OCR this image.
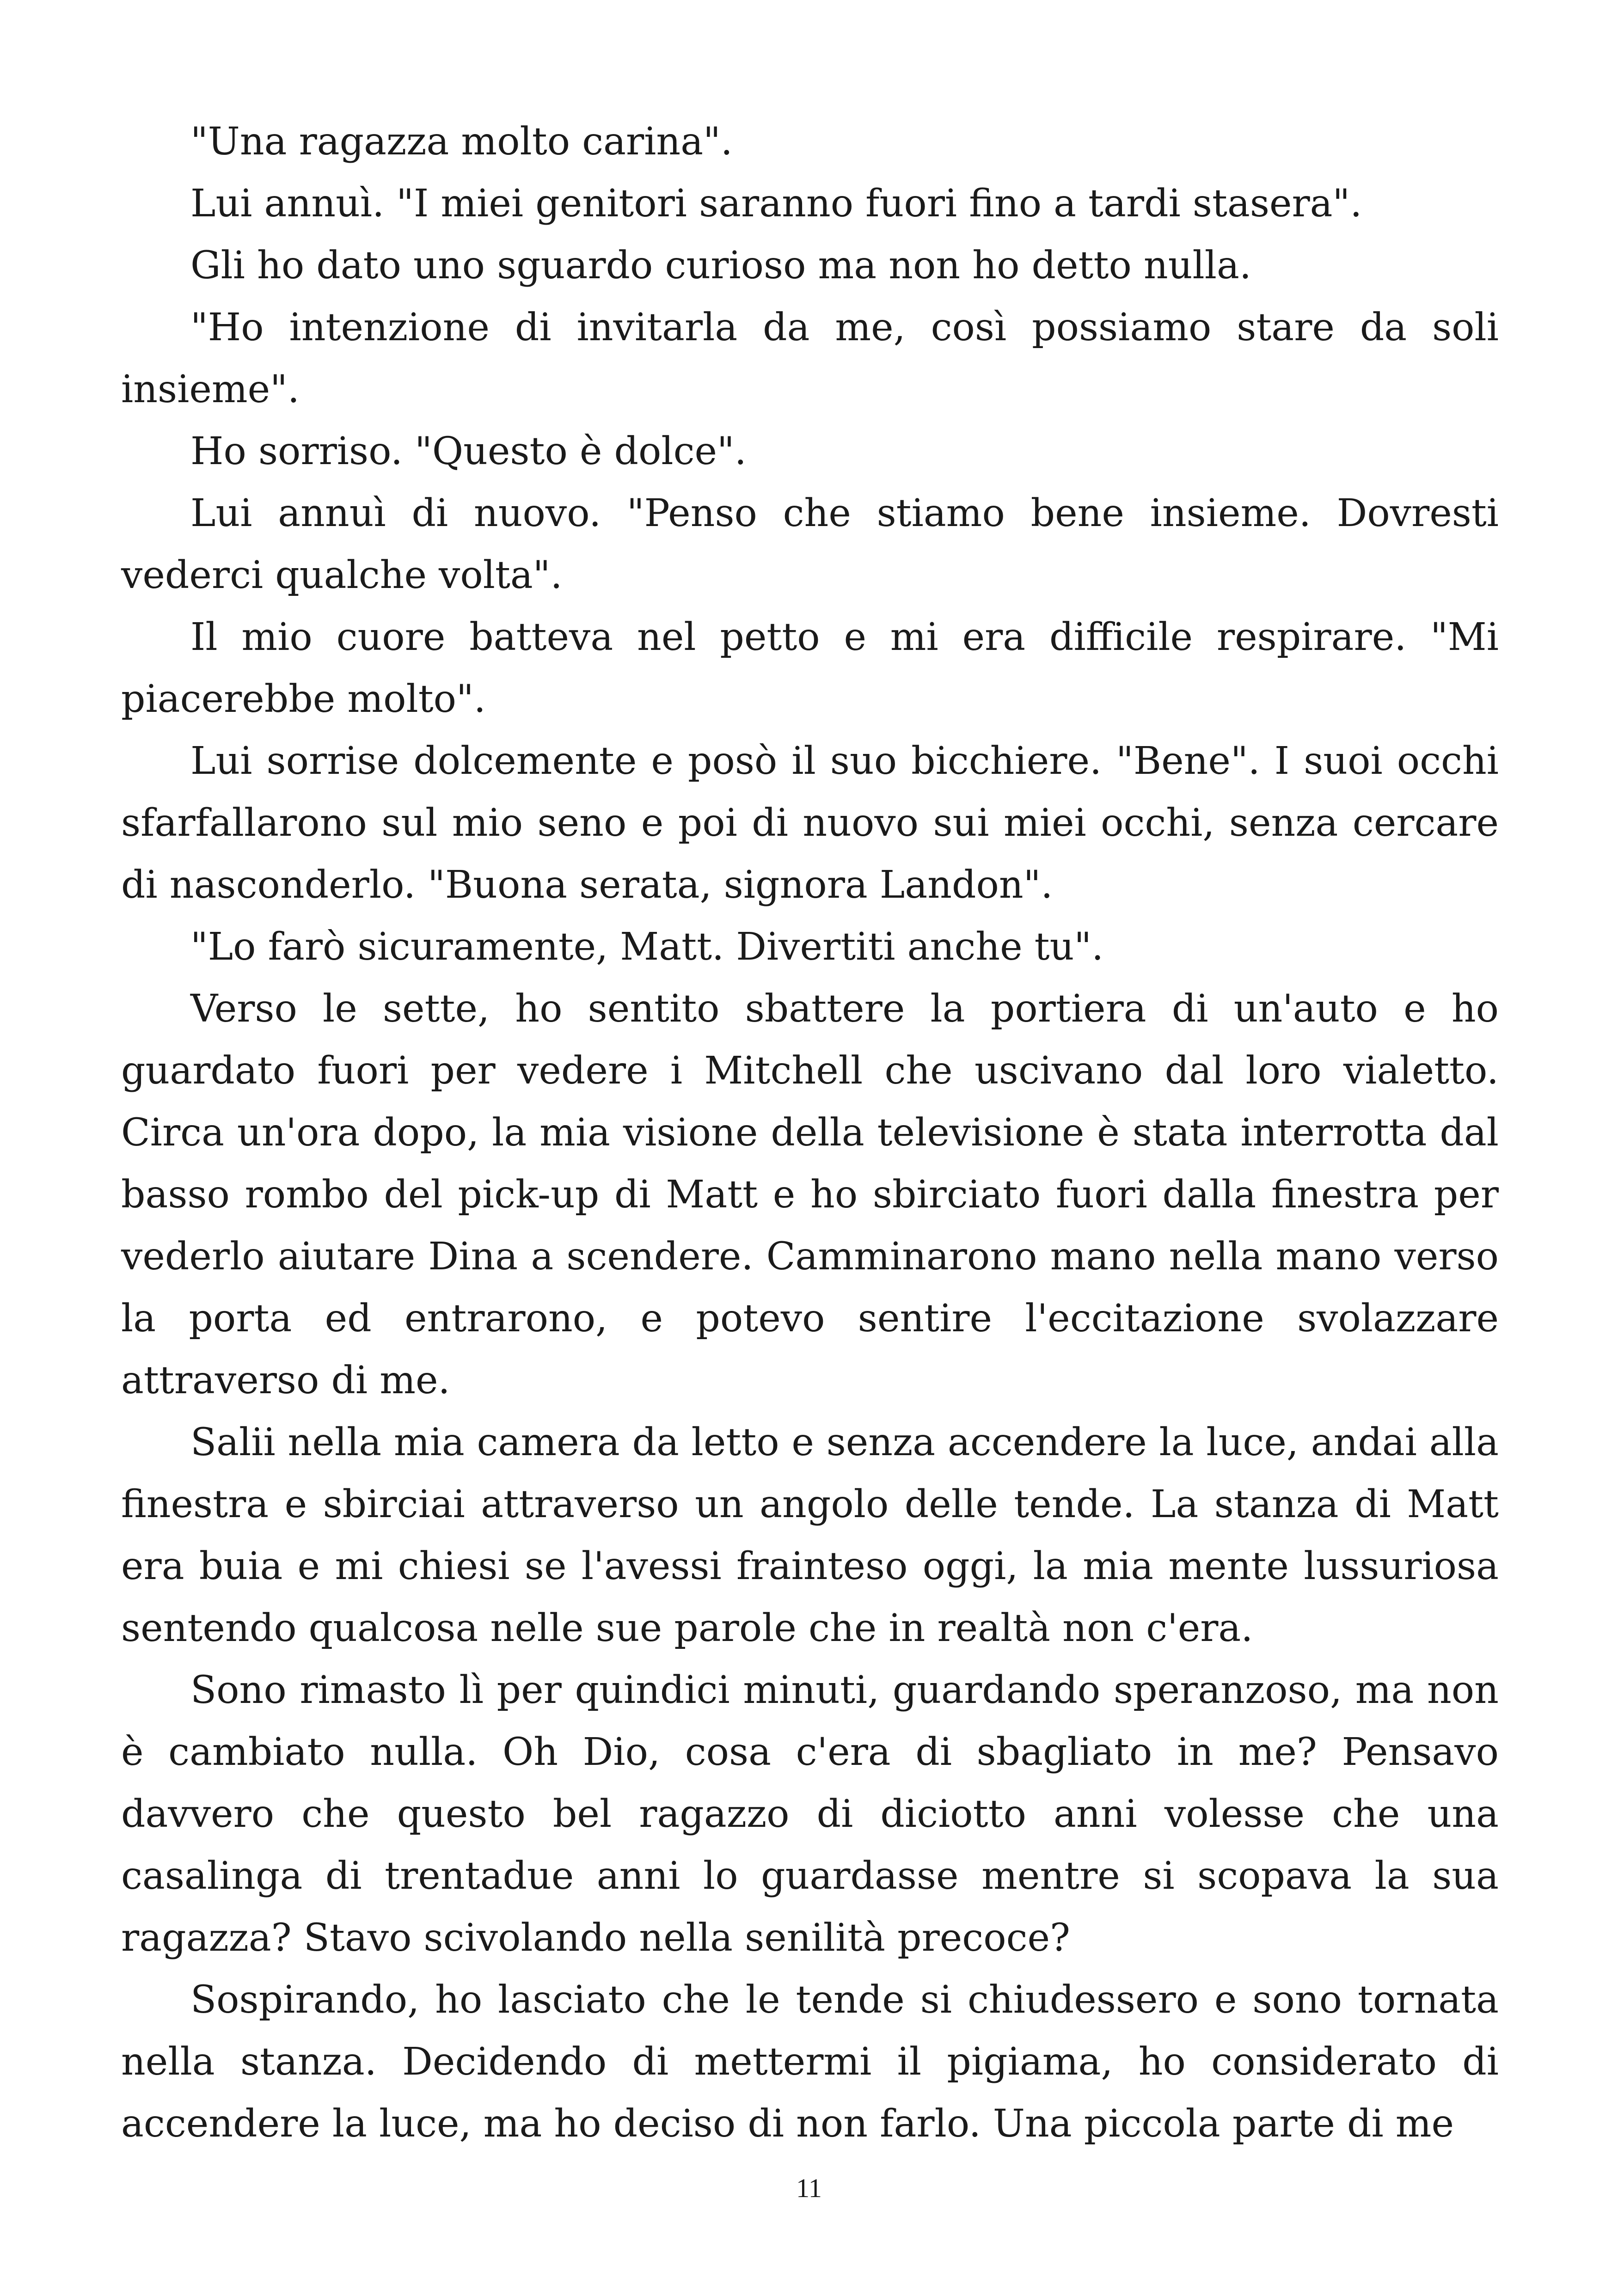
"Una ragazza molto carina".

Lui annuì. "I miei genitori saranno fuori fino a tardi stasera".

Gli ho dato uno sguardo curioso ma non ho detto nulla.

"Ho intenzione di invitarla da me, così possiamo stare da soli insieme".

Ho sorriso. "Questo è dolce".

Lui annuì di nuovo. "Penso che stiamo bene insieme. Dovresti vederci qualche volta".

Il mio cuore batteva nel petto e mi era difficile respirare. "Mi piacerebbe molto".

Lui sorrise dolcemente e posò il suo bicchiere. "Bene". I suoi occhi sfarfallarono sul mio seno e poi di nuovo sui miei occhi, senza cercare di nasconderlo. "Buona serata, signora Landon".

"Lo farò sicuramente, Matt. Divertiti anche tu".

Verso le sette, ho sentito sbattere la portiera di un'auto e ho guardato fuori per vedere i Mitchell che uscivano dal loro vialetto. Circa un'ora dopo, la mia visione della televisione è stata interrotta dal basso rombo del pick-up di Matt e ho sbirciato fuori dalla finestra per vederlo aiutare Dina a scendere. Camminarono mano nella mano verso la porta ed entrarono, e potevo sentire l'eccitazione svolazzare attraverso di me.

Salii nella mia camera da letto e senza accendere la luce, andai alla finestra e sbirciai attraverso un angolo delle tende. La stanza di Matt era buia e mi chiesi se l'avessi frainteso oggi, la mia mente lussuriosa sentendo qualcosa nelle sue parole che in realtà non c'era.

Sono rimasto lì per quindici minuti, guardando speranzoso, ma non è cambiato nulla. Oh Dio, cosa c'era di sbagliato in me? Pensavo davvero che questo bel ragazzo di diciotto anni volesse che una casalinga di trentadue anni lo guardasse mentre si scopava la sua ragazza? Stavo scivolando nella senilità precoce?

Sospirando, ho lasciato che le tende si chiudessero e sono tornata nella stanza. Decidendo di mettermi il pigiama, ho considerato di accendere la luce, ma ho deciso di non farlo. Una piccola parte di me

11
